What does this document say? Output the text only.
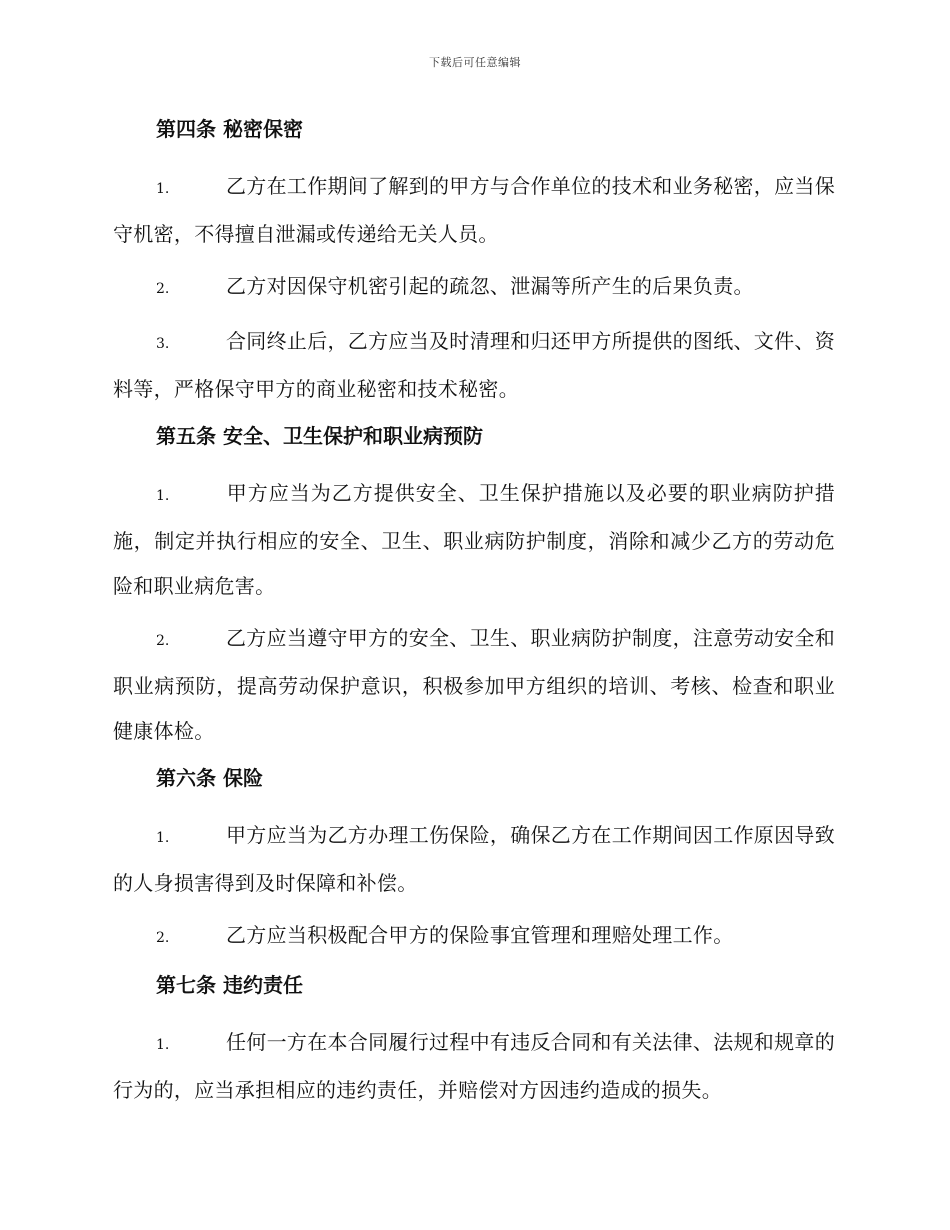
下载后可任意编辑

第四条 秘密保密

1.	乙方在工作期间了解到的甲方与合作单位的技术和业务秘密，应当保守机密，不得擅自泄漏或传递给无关人员。

2.	乙方对因保守机密引起的疏忽、泄漏等所产生的后果负责。

3.	合同终止后，乙方应当及时清理和归还甲方所提供的图纸、文件、资料等，严格保守甲方的商业秘密和技术秘密。

第五条 安全、卫生保护和职业病预防

1.	甲方应当为乙方提供安全、卫生保护措施以及必要的职业病防护措施，制定并执行相应的安全、卫生、职业病防护制度，消除和减少乙方的劳动危险和职业病危害。

2.	乙方应当遵守甲方的安全、卫生、职业病防护制度，注意劳动安全和职业病预防，提高劳动保护意识，积极参加甲方组织的培训、考核、检查和职业健康体检。

第六条 保险

1.	甲方应当为乙方办理工伤保险，确保乙方在工作期间因工作原因导致的人身损害得到及时保障和补偿。

2.	乙方应当积极配合甲方的保险事宜管理和理赔处理工作。

第七条 违约责任

1.	任何一方在本合同履行过程中有违反合同和有关法律、法规和规章的行为的，应当承担相应的违约责任，并赔偿对方因违约造成的损失。
